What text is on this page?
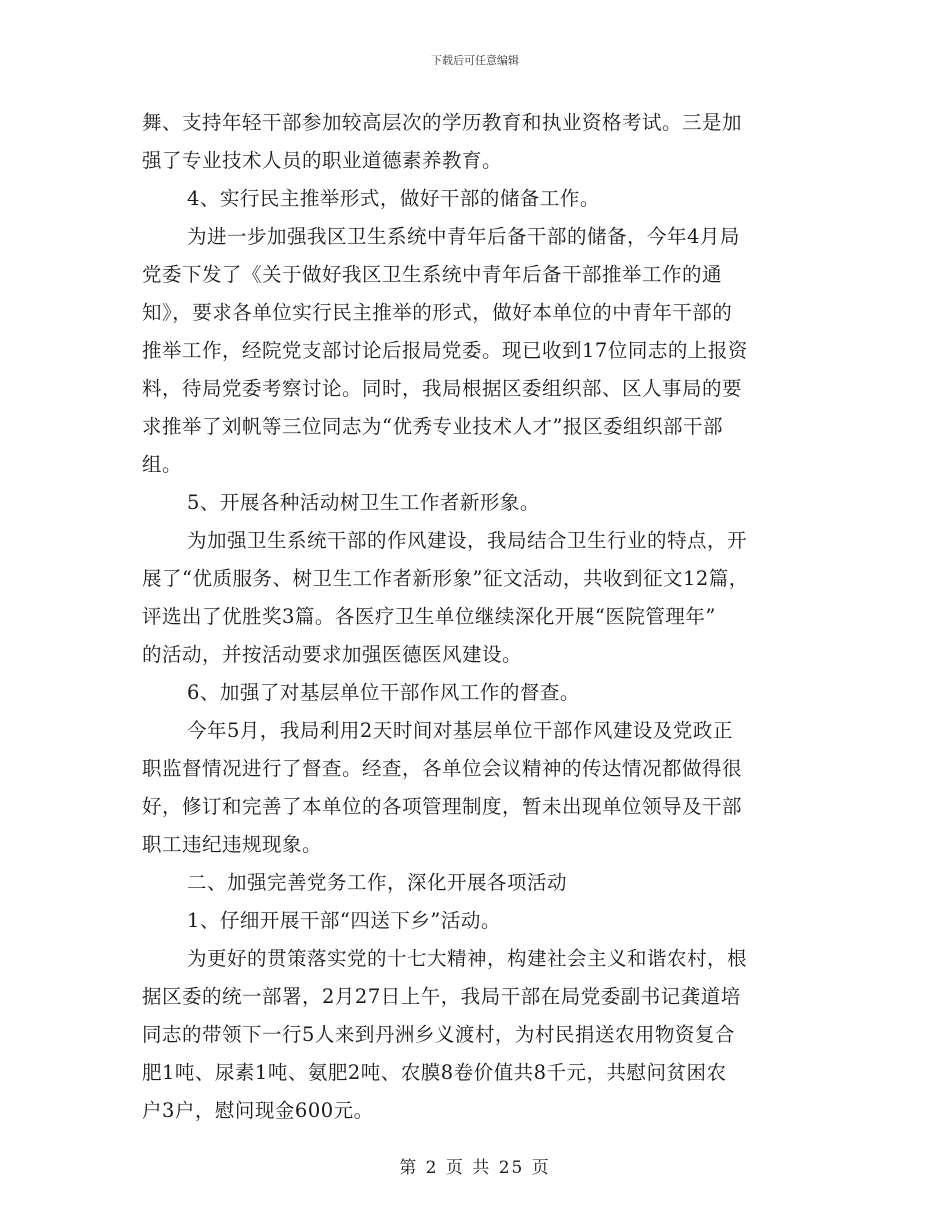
下载后可任意编辑
舞、支持年轻干部参加较高层次的学历教育和执业资格考试。三是加
强了专业技术人员的职业道德素养教育。
4、实行民主推举形式，做好干部的储备工作。
为进一步加强我区卫生系统中青年后备干部的储备，今年4月局
党委下发了《关于做好我区卫生系统中青年后备干部推举工作的通
知》，要求各单位实行民主推举的形式，做好本单位的中青年干部的
推举工作，经院党支部讨论后报局党委。现已收到17位同志的上报资
料，待局党委考察讨论。同时，我局根据区委组织部、区人事局的要
求推举了刘帆等三位同志为“优秀专业技术人才”报区委组织部干部
组。
5、开展各种活动树卫生工作者新形象。
为加强卫生系统干部的作风建设，我局结合卫生行业的特点，开
展了“优质服务、树卫生工作者新形象”征文活动，共收到征文12篇，
评选出了优胜奖3篇。各医疗卫生单位继续深化开展“医院管理年”
的活动，并按活动要求加强医德医风建设。
6、加强了对基层单位干部作风工作的督查。
今年5月，我局利用2天时间对基层单位干部作风建设及党政正
职监督情况进行了督查。经查，各单位会议精神的传达情况都做得很
好，修订和完善了本单位的各项管理制度，暂未出现单位领导及干部
职工违纪违规现象。
二、加强完善党务工作，深化开展各项活动
1、仔细开展干部“四送下乡”活动。
为更好的贯策落实党的十七大精神，构建社会主义和谐农村，根
据区委的统一部署，2月27日上午，我局干部在局党委副书记龚道培
同志的带领下一行5人来到丹洲乡义渡村，为村民捐送农用物资复合
肥1吨、尿素1吨、氨肥2吨、农膜8卷价值共8千元，共慰问贫困农
户3户，慰问现金600元。
第 2 页 共 25 页
